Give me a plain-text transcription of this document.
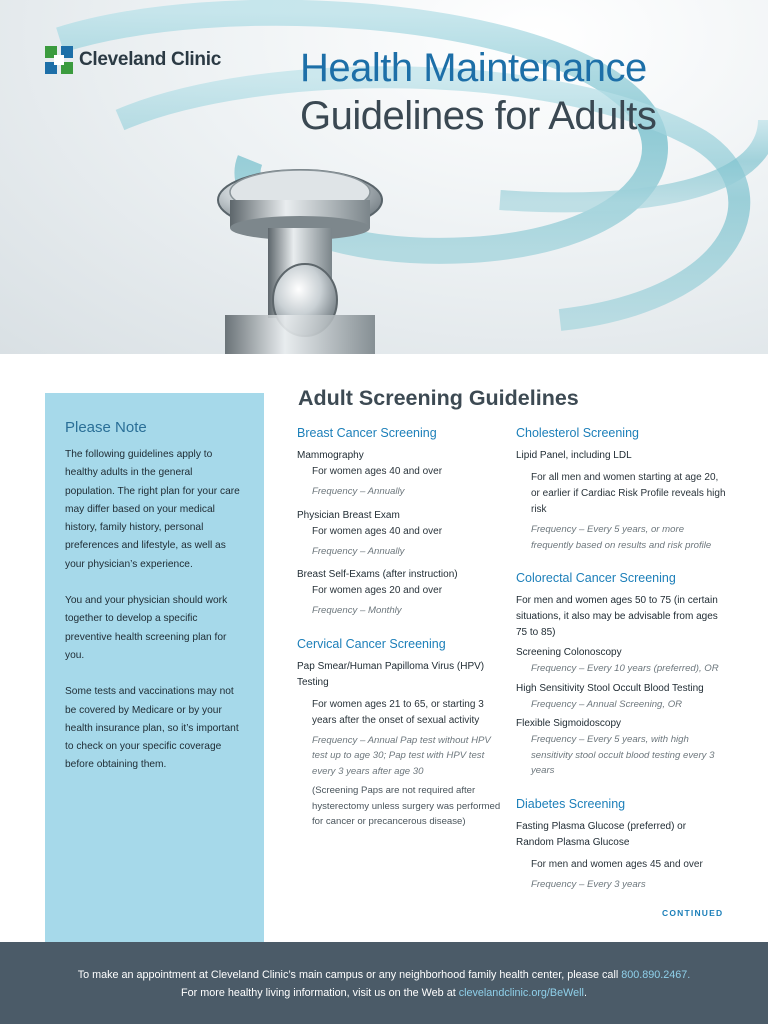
Cleveland Clinic Health Maintenance
Guidelines for Adults
Please Note

The following guidelines apply to healthy adults in the general population. The right plan for your care may differ based on your medical history, family history, personal preferences and lifestyle, as well as your physician’s experience.

You and your physician should work together to develop a specific preventive health screening plan for you.

Some tests and vaccinations may not be covered by Medicare or by your health insurance plan, so it’s important to check on your specific coverage before obtaining them.

Adult Screening Guidelines
Breast Cancer Screening
Mammography
For women ages 40 and over
Frequency – Annually
Physician Breast Exam
For women ages 40 and over
Frequency – Annually
Breast Self-Exams (after instruction)
For women ages 20 and over
Frequency – Monthly
Cervical Cancer Screening
Pap Smear/Human Papilloma Virus (HPV) Testing
For women ages 21 to 65, or starting 3 years after the onset of sexual activity
Frequency – Annual Pap test without HPV test up to age 30; Pap test with HPV test every 3 years after age 30
(Screening Paps are not required after hysterectomy unless surgery was performed for cancer or precancerous disease)
Cholesterol Screening
Lipid Panel, including LDL
For all men and women starting at age 20, or earlier if Cardiac Risk Profile reveals high risk
Frequency – Every 5 years, or more frequently based on results and risk profile
Colorectal Cancer Screening
For men and women ages 50 to 75 (in certain situations, it also may be advisable from ages 75 to 85)
Screening Colonoscopy
Frequency – Every 10 years (preferred), OR
High Sensitivity Stool Occult Blood Testing
Frequency – Annual Screening, OR
Flexible Sigmoidoscopy
Frequency – Every 5 years, with high sensitivity stool occult blood testing every 3 years
Diabetes Screening
Fasting Plasma Glucose (preferred) or Random Plasma Glucose
For men and women ages 45 and over
Frequency – Every 3 years
CONTINUED
To make an appointment at Cleveland Clinic’s main campus or any neighborhood family health center, please call 800.890.2467.
For more healthy living information, visit us on the Web at clevelandclinic.org/BeWell.
